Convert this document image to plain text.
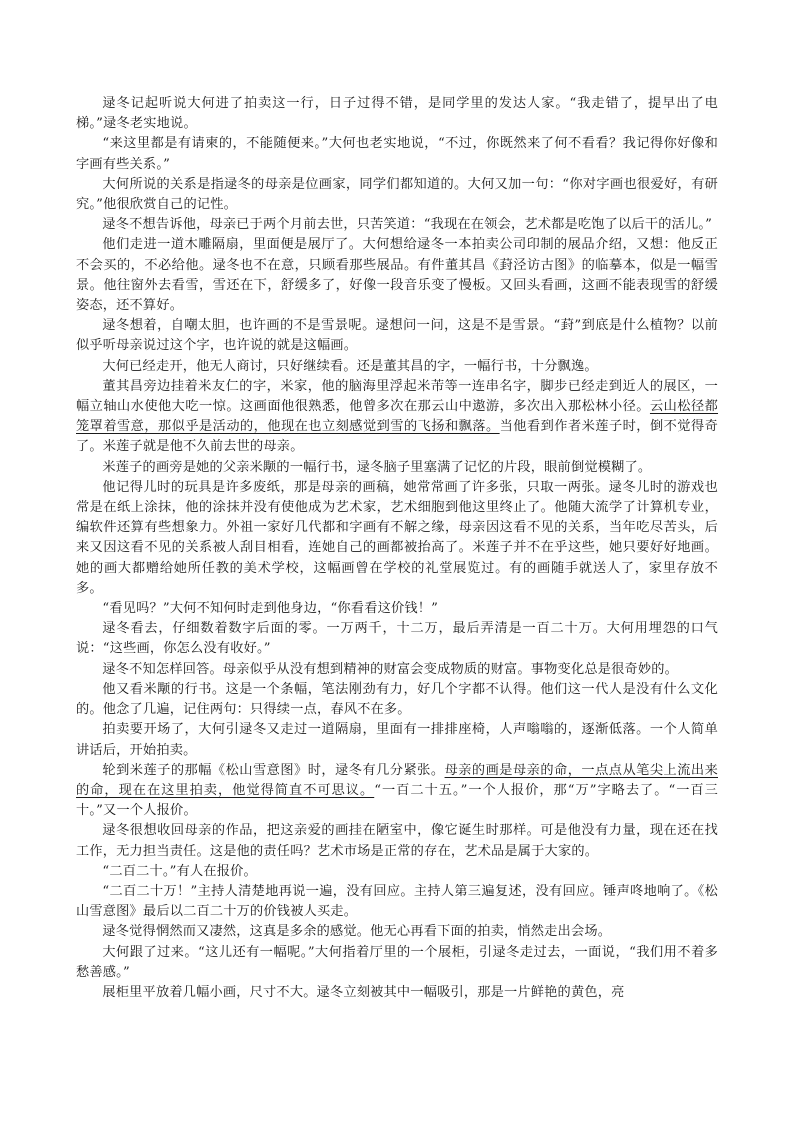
逯冬记起听说大何进了拍卖这一行，日子过得不错，是同学里的发达人家。“我走错了，提早出了电梯。”逯冬老实地说。

“来这里都是有请柬的，不能随便来。”大何也老实地说，“不过，你既然来了何不看看？我记得你好像和字画有些关系。”

大何所说的关系是指逯冬的母亲是位画家，同学们都知道的。大何又加一句：“你对字画也很爱好，有研究。”他很欣赏自己的记性。

逯冬不想告诉他，母亲已于两个月前去世，只苦笑道：“我现在在领会，艺术都是吃饱了以后干的活儿。”

他们走进一道木雕隔扇，里面便是展厅了。大何想给逯冬一本拍卖公司印制的展品介绍，又想：他反正不会买的，不必给他。逯冬也不在意，只顾看那些展品。有件董其昌《葑泾访古图》的临摹本，似是一幅雪景。他往窗外去看雪，雪还在下，舒缓多了，好像一段音乐变了慢板。又回头看画，这画不能表现雪的舒缓姿态，还不算好。

逯冬想着，自嘲太胆，也许画的不是雪景呢。逯想问一问，这是不是雪景。“葑”到底是什么植物？以前似乎听母亲说过这个字，也许说的就是这幅画。

大何已经走开，他无人商讨，只好继续看。还是董其昌的字，一幅行书，十分飘逸。

董其昌旁边挂着米友仁的字，米家，他的脑海里浮起米芾等一连串名字，脚步已经走到近人的展区，一幅立轴山水使他大吃一惊。这画面他很熟悉，他曾多次在那云山中遨游，多次出入那松林小径。云山松径都笼罩着雪意，那似乎是活动的，他现在也立刻感觉到雪的飞扬和飘落。当他看到作者米莲子时，倒不觉得奇了。米莲子就是他不久前去世的母亲。

米莲子的画旁是她的父亲米颙的一幅行书，逯冬脑子里塞满了记忆的片段，眼前倒觉模糊了。

他记得儿时的玩具是许多废纸，那是母亲的画稿，她常常画了许多张，只取一两张。逯冬儿时的游戏也常是在纸上涂抹，他的涂抹并没有使他成为艺术家，艺术细胞到他这里终止了。他随大流学了计算机专业，编软件还算有些想象力。外祖一家好几代都和字画有不解之缘，母亲因这看不见的关系，当年吃尽苦头，后来又因这看不见的关系被人刮目相看，连她自己的画都被抬高了。米莲子并不在乎这些，她只要好好地画。她的画大都赠给她所任教的美术学校，这幅画曾在学校的礼堂展览过。有的画随手就送人了，家里存放不多。

“看见吗？”大何不知何时走到他身边，“你看看这价钱！”

逯冬看去，仔细数着数字后面的零。一万两千，十二万，最后弄清是一百二十万。大何用埋怨的口气说：“这些画，你怎么没有收好。”

逯冬不知怎样回答。母亲似乎从没有想到精神的财富会变成物质的财富。事物变化总是很奇妙的。

他又看米颙的行书。这是一个条幅，笔法刚劲有力，好几个字都不认得。他们这一代人是没有什么文化的。他念了几遍，记住两句：只得续一点，春风不在多。

拍卖要开场了，大何引逯冬又走过一道隔扇，里面有一排排座椅，人声嗡嗡的，逐渐低落。一个人简单讲话后，开始拍卖。

轮到米莲子的那幅《松山雪意图》时，逯冬有几分紧张。母亲的画是母亲的命，一点点从笔尖上流出来的命，现在在这里拍卖，他觉得简直不可思议。“一百二十五。”一个人报价，那“万”字略去了。“一百三十。”又一个人报价。

逯冬很想收回母亲的作品，把这亲爱的画挂在陋室中，像它诞生时那样。可是他没有力量，现在还在找工作，无力担当责任。这是他的责任吗？艺术市场是正常的存在，艺术品是属于大家的。

“二百二十。”有人在报价。

“二百二十万！”主持人清楚地再说一遍，没有回应。主持人第三遍复述，没有回应。锤声咚地响了。《松山雪意图》最后以二百二十万的价钱被人买走。

逯冬觉得惘然而又凄然，这真是多余的感觉。他无心再看下面的拍卖，悄然走出会场。

大何跟了过来。“这儿还有一幅呢。”大何指着厅里的一个展柜，引逯冬走过去，一面说，“我们用不着多愁善感。”

展柜里平放着几幅小画，尺寸不大。逯冬立刻被其中一幅吸引，那是一片鲜艳的黄色，亮
